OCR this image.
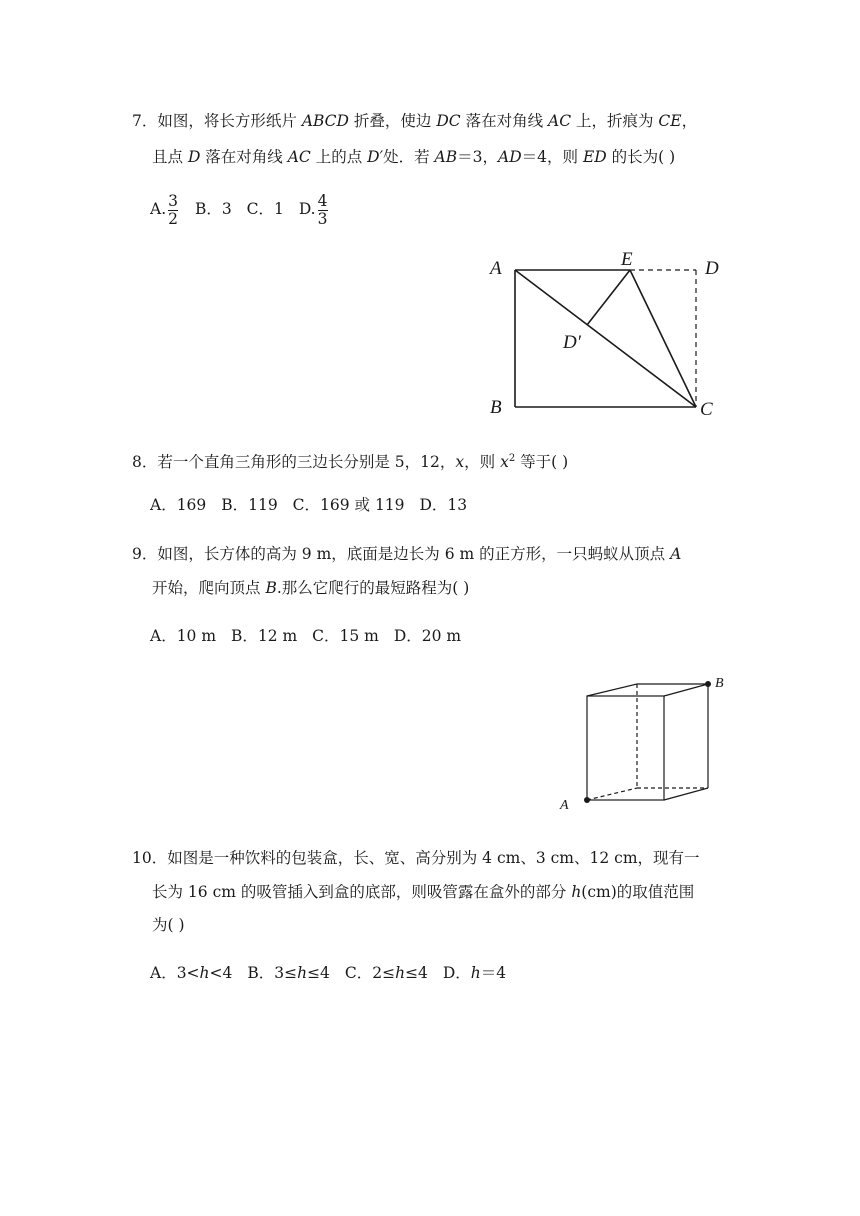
7．如图，将长方形纸片 ABCD 折叠，使边 DC 落在对角线 AC 上，折痕为 CE，
且点 D 落在对角线 AC 上的点 D′处．若 AB＝3，AD＝4，则 ED 的长为( )
A. $\frac{3}{2}$ B．3 C．1 D. $\frac{4}{3}$
A
B	C
D
E
D′
8．若一个直角三角形的三边长分别是 5，12，x，则 $x^2$ 等于( )
A．169 B．119 C．169 或 119 D．13
9．如图，长方体的高为 9 m，底面是边长为 6 m 的正方形，一只蚂蚁从顶点 A
开始，爬向顶点 B.那么它爬行的最短路程为( )
A．10 m B．12 m C．15 m D．20 m
A
B
10．如图是一种饮料的包装盒，长、宽、高分别为 4 cm、3 cm、12 cm，现有一
长为 16 cm 的吸管插入到盒的底部，则吸管露在盒外的部分 h(cm)的取值范围
为( )
A．3<h<4 B．3≤h≤4 C．2≤h≤4 D．h＝4
